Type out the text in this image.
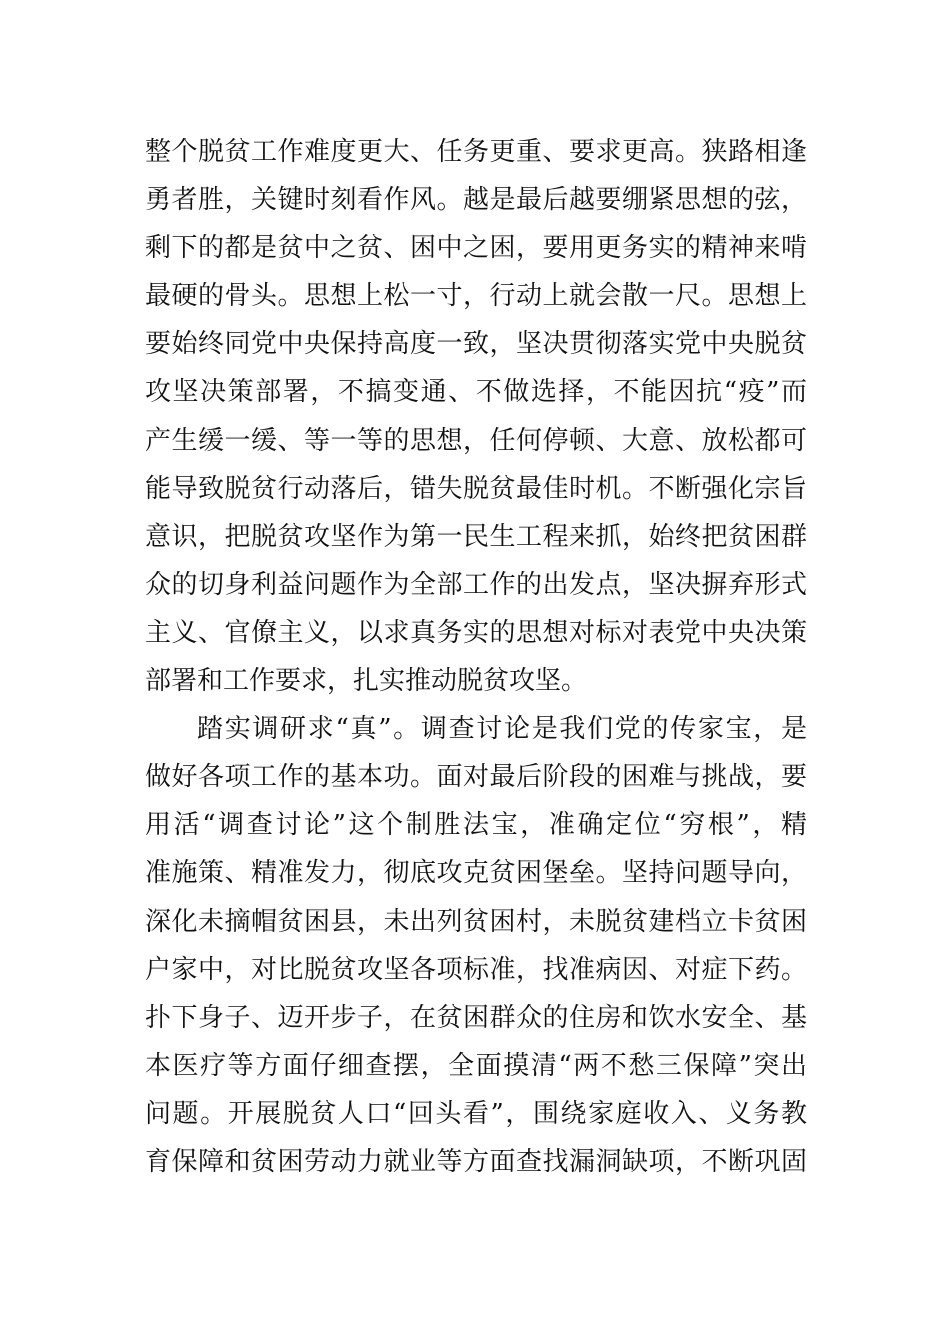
整个脱贫工作难度更大、任务更重、要求更高。狭路相逢
勇者胜，关键时刻看作风。越是最后越要绷紧思想的弦，
剩下的都是贫中之贫、困中之困，要用更务实的精神来啃
最硬的骨头。思想上松一寸，行动上就会散一尺。思想上
要始终同党中央保持高度一致，坚决贯彻落实党中央脱贫
攻坚决策部署，不搞变通、不做选择，不能因抗“疫”而
产生缓一缓、等一等的思想，任何停顿、大意、放松都可
能导致脱贫行动落后，错失脱贫最佳时机。不断强化宗旨
意识，把脱贫攻坚作为第一民生工程来抓，始终把贫困群
众的切身利益问题作为全部工作的出发点，坚决摒弃形式
主义、官僚主义，以求真务实的思想对标对表党中央决策
部署和工作要求，扎实推动脱贫攻坚。
踏实调研求“真”。调查讨论是我们党的传家宝，是
做好各项工作的基本功。面对最后阶段的困难与挑战，要
用活“调查讨论”这个制胜法宝，准确定位“穷根”，精
准施策、精准发力，彻底攻克贫困堡垒。坚持问题导向，
深化未摘帽贫困县，未出列贫困村，未脱贫建档立卡贫困
户家中，对比脱贫攻坚各项标准，找准病因、对症下药。
扑下身子、迈开步子，在贫困群众的住房和饮水安全、基
本医疗等方面仔细查摆，全面摸清“两不愁三保障”突出
问题。开展脱贫人口“回头看”，围绕家庭收入、义务教
育保障和贫困劳动力就业等方面查找漏洞缺项，不断巩固
